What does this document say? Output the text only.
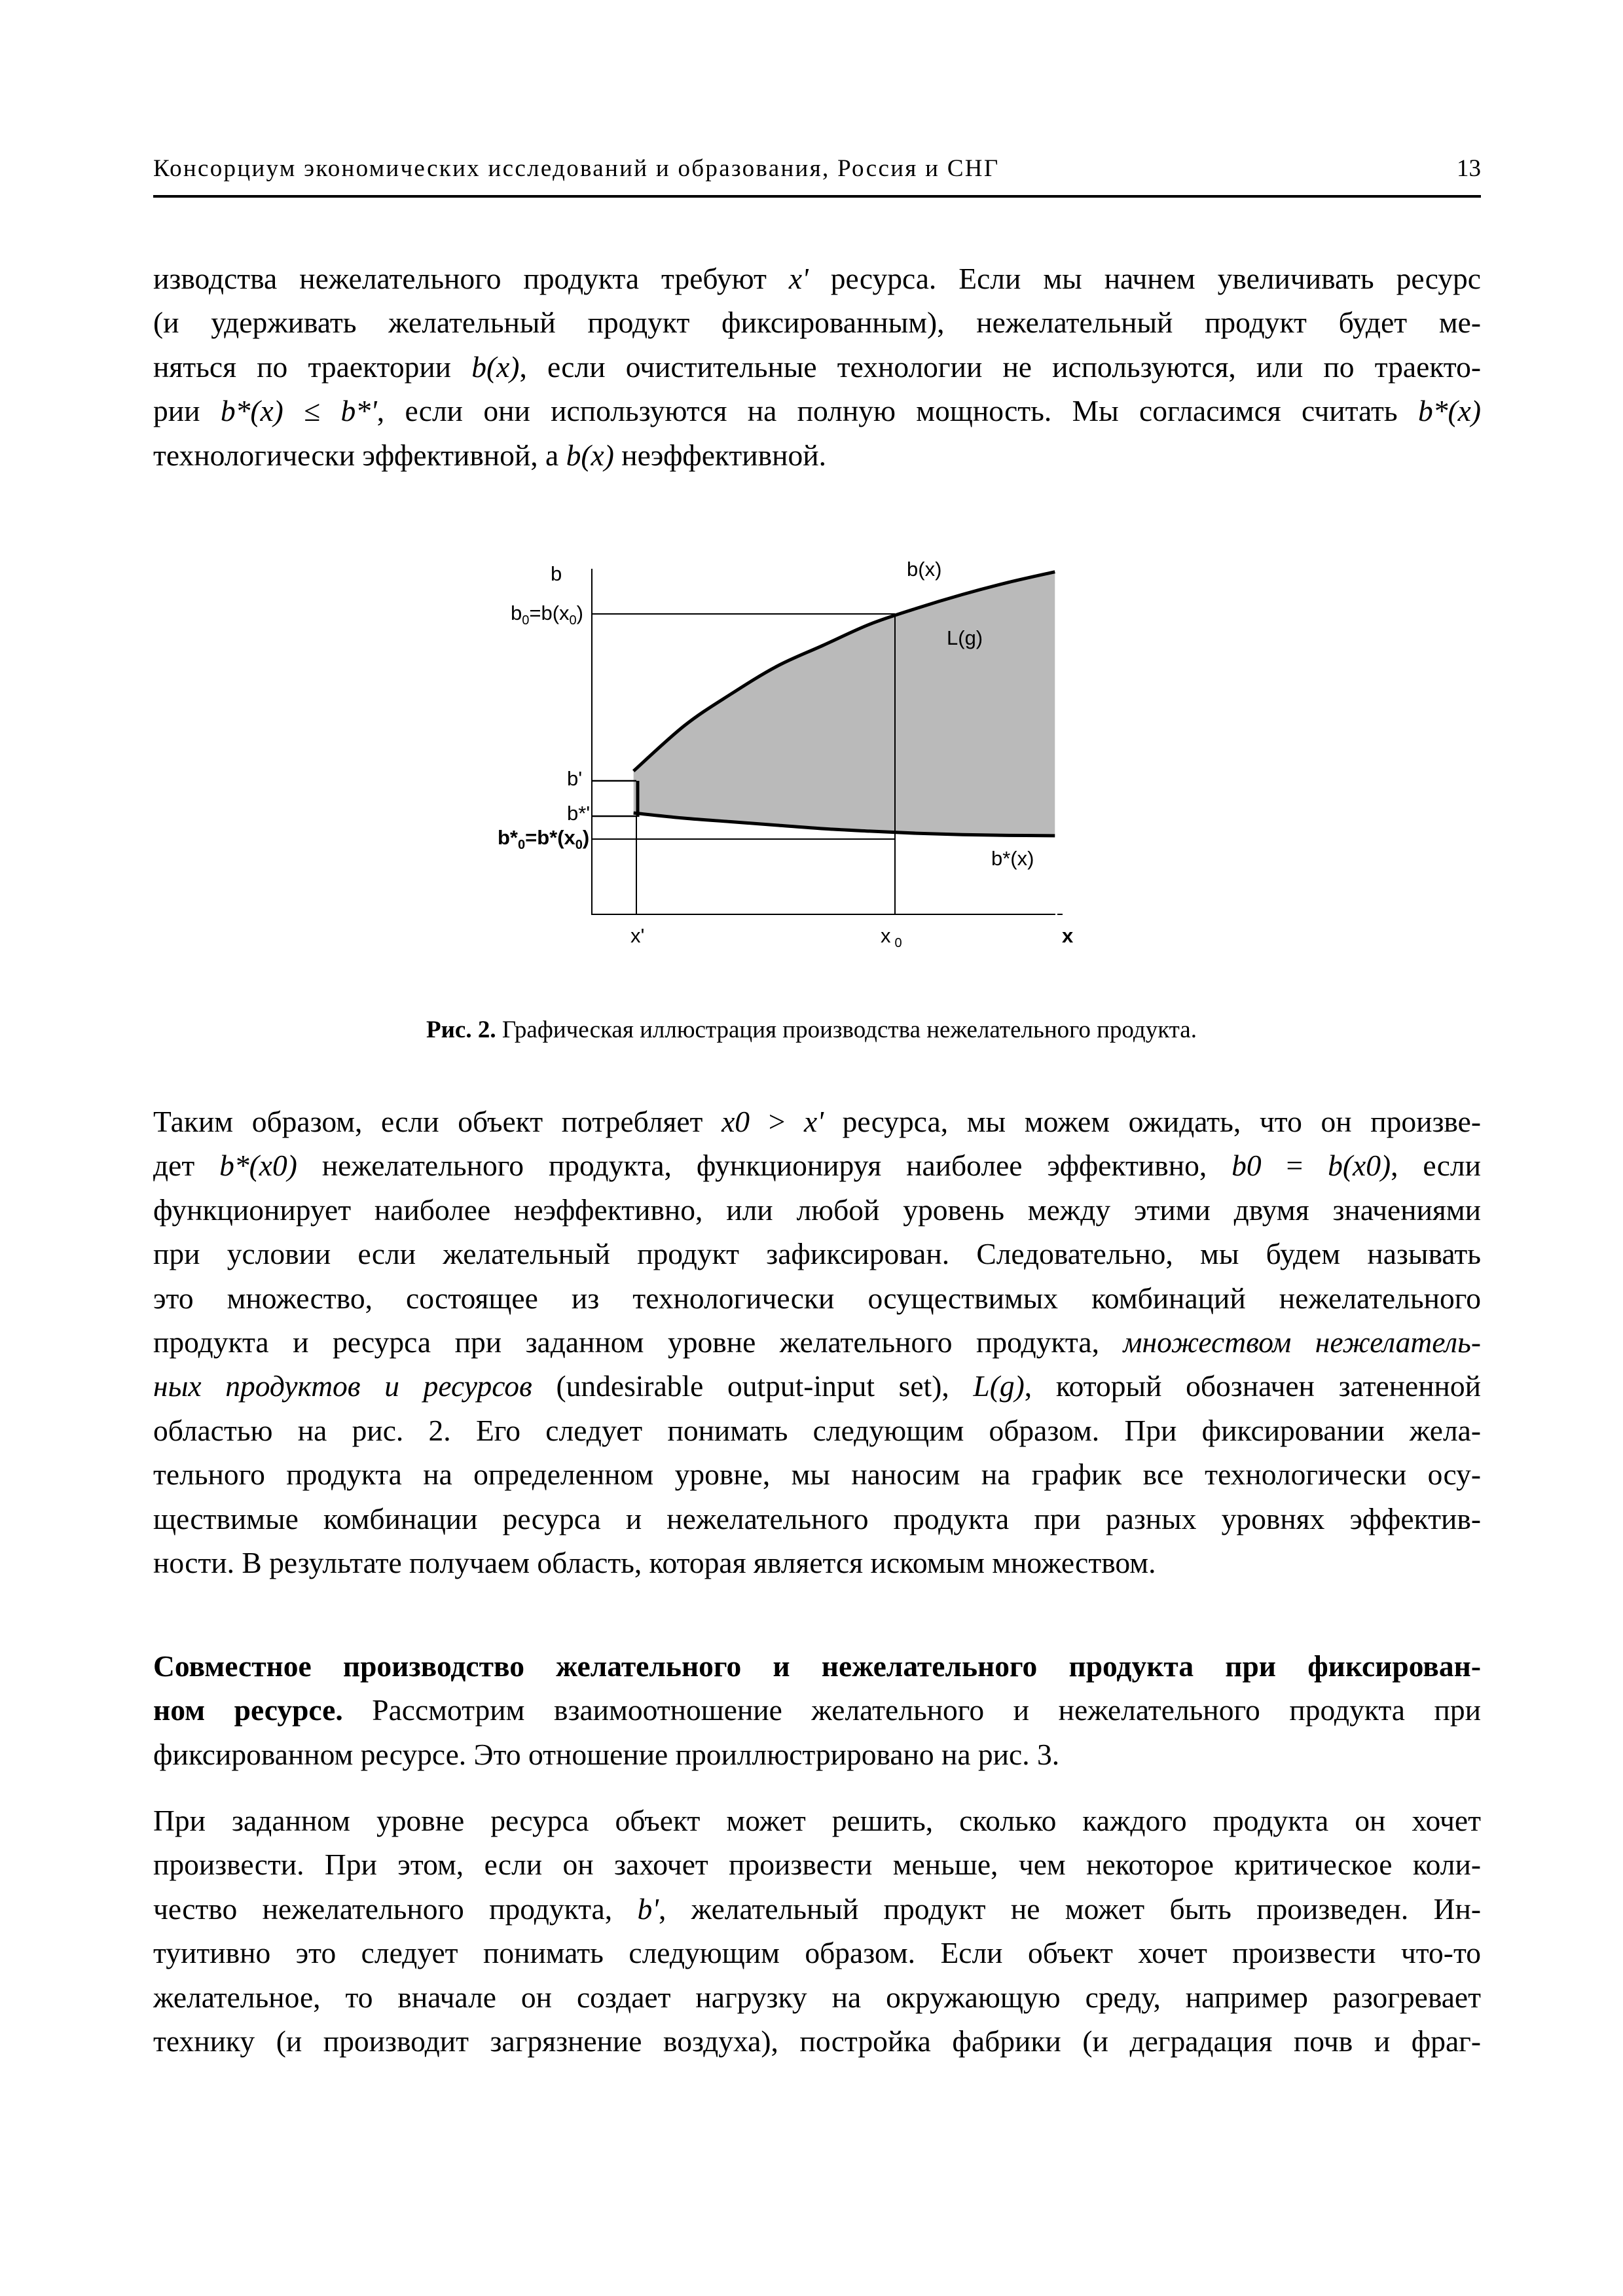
Консорциум экономических исследований и образования, Россия и СНГ	13
изводства нежелательного продукта требуют x' ресурса. Если мы начнем увеличивать ресурс
(и удерживать желательный продукт фиксированным), нежелательный продукт будет ме-
няться по траектории b(x), если очистительные технологии не используются, или по траекто-
рии b*(x) ≤ b*', если они используются на полную мощность. Мы согласимся считать b*(x)
технологически эффективной, а b(x) неэффективной.
b
$b_0=b(x_0)$
b'
b*'
$b*_0=b*(x_0)$
b(x)
L(g)
b*(x)
x'	x $_0$	x
Рис. 2. Графическая иллюстрация производства нежелательного продукта.
Таким образом, если объект потребляет x0 > x' ресурса, мы можем ожидать, что он произве-
дет b*(x0) нежелательного продукта, функционируя наиболее эффективно, b0 = b(x0), если
функционирует наиболее неэффективно, или любой уровень между этими двумя значениями
при условии если желательный продукт зафиксирован. Следовательно, мы будем называть
это множество, состоящее из технологически осуществимых комбинаций нежелательного
продукта и ресурса при заданном уровне желательного продукта, множеством нежелатель-
ных продуктов и ресурсов (undesirable output-input set), L(g), который обозначен затененной
областью на рис. 2. Его следует понимать следующим образом. При фиксировании жела-
тельного продукта на определенном уровне, мы наносим на график все технологически осу-
ществимые комбинации ресурса и нежелательного продукта при разных уровнях эффектив-
ности. В результате получаем область, которая является искомым множеством.
Совместное производство желательного и нежелательного продукта при фиксирован-
ном ресурсе. Рассмотрим взаимоотношение желательного и нежелательного продукта при
фиксированном ресурсе. Это отношение проиллюстрировано на рис. 3.
При заданном уровне ресурса объект может решить, сколько каждого продукта он хочет
произвести. При этом, если он захочет произвести меньше, чем некоторое критическое коли-
чество нежелательного продукта, b', желательный продукт не может быть произведен. Ин-
туитивно это следует понимать следующим образом. Если объект хочет произвести что-то
желательное, то вначале он создает нагрузку на окружающую среду, например разогревает
технику (и производит загрязнение воздуха), постройка фабрики (и деградация почв и фраг-
